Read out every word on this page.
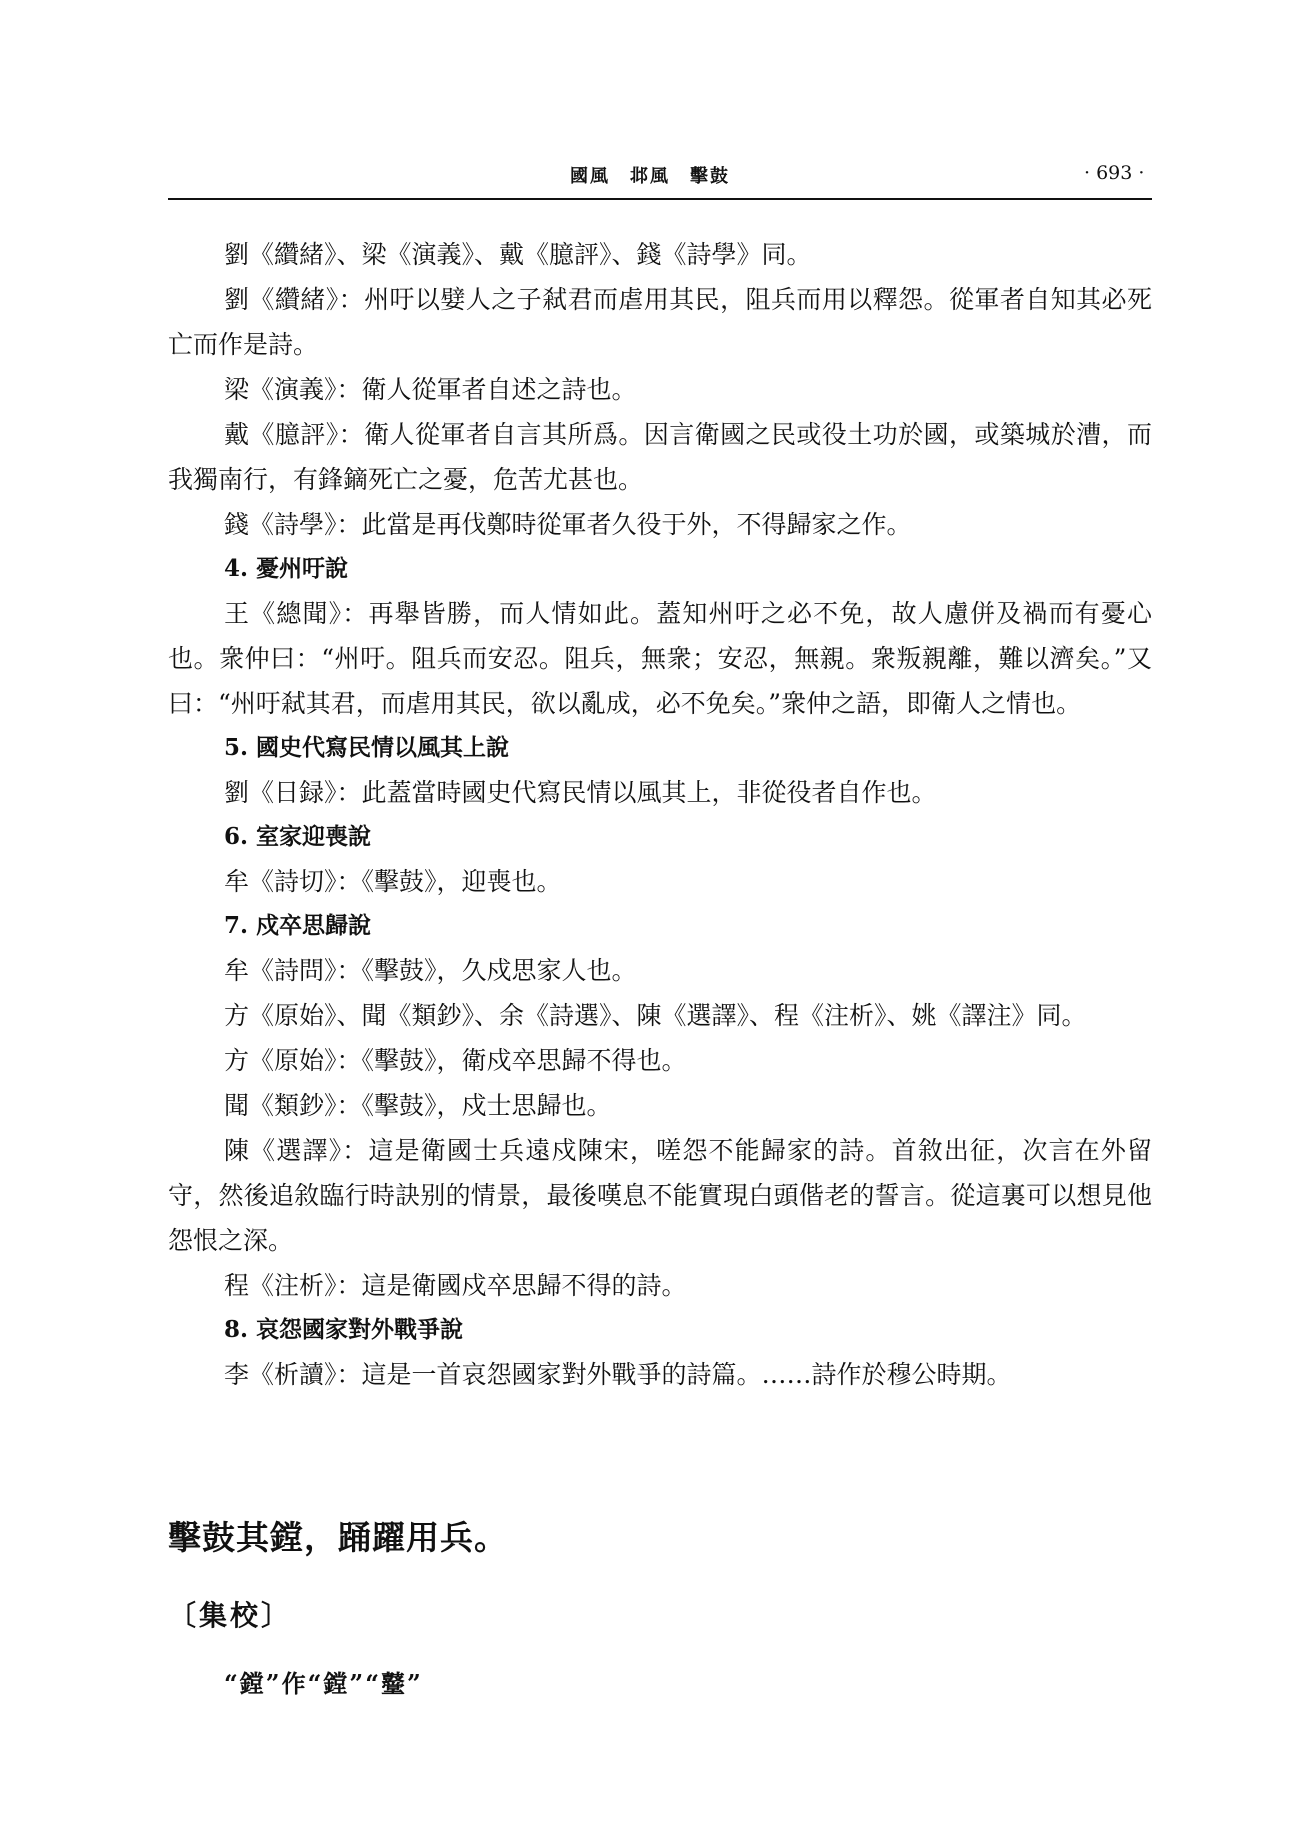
國風　邶風　擊鼓	· 693 ·

劉《纘緒》、梁《演義》、戴《臆評》、錢《詩學》同。

劉《纘緒》：州吁以嬖人之子弒君而虐用其民，阻兵而用以釋怨。從軍者自知其必死亡而作是詩。

梁《演義》：衛人從軍者自述之詩也。

戴《臆評》：衛人從軍者自言其所爲。因言衛國之民或役土功於國，或築城於漕，而我獨南行，有鋒鏑死亡之憂，危苦尤甚也。

錢《詩學》：此當是再伐鄭時從軍者久役于外，不得歸家之作。

4. 憂州吁說

王《總聞》：再舉皆勝，而人情如此。蓋知州吁之必不免，故人慮併及禍而有憂心也。衆仲曰：“州吁。阻兵而安忍。阻兵，無衆；安忍，無親。衆叛親離，難以濟矣。”又曰：“州吁弒其君，而虐用其民，欲以亂成，必不免矣。”衆仲之語，即衛人之情也。

5. 國史代寫民情以風其上說

劉《日録》：此蓋當時國史代寫民情以風其上，非從役者自作也。

6. 室家迎喪說

牟《詩切》：《擊鼓》，迎喪也。

7. 戍卒思歸說

牟《詩問》：《擊鼓》，久戍思家人也。

方《原始》、聞《類鈔》、余《詩選》、陳《選譯》、程《注析》、姚《譯注》同。

方《原始》：《擊鼓》，衛戍卒思歸不得也。

聞《類鈔》：《擊鼓》，戍士思歸也。

陳《選譯》：這是衛國士兵遠戍陳宋，嗟怨不能歸家的詩。首敘出征，次言在外留守，然後追敘臨行時訣别的情景，最後嘆息不能實現白頭偕老的誓言。從這裏可以想見他怨恨之深。

程《注析》：這是衛國戍卒思歸不得的詩。

8. 哀怨國家對外戰爭說

李《析讀》：這是一首哀怨國家對外戰爭的詩篇。……詩作於穆公時期。

擊鼓其鏜，踊躍用兵。
〔集校〕
“鏜”作“鏜”“鼞”
